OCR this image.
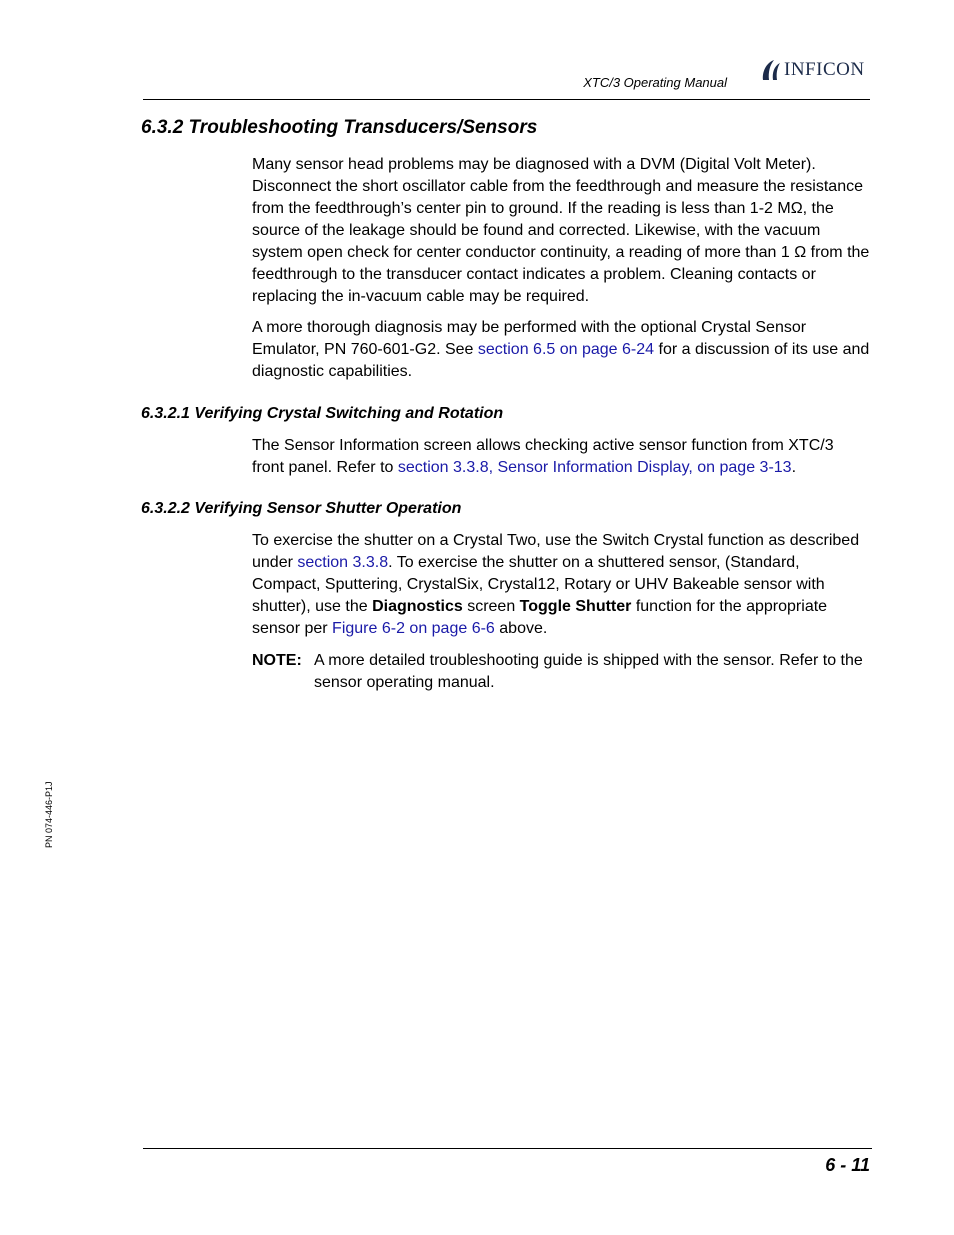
XTC/3 Operating Manual
INFICON
6.3.2 Troubleshooting Transducers/Sensors

Many sensor head problems may be diagnosed with a DVM (Digital Volt Meter). Disconnect the short oscillator cable from the feedthrough and measure the resistance from the feedthrough’s center pin to ground. If the reading is less than 1-2 MΩ, the source of the leakage should be found and corrected. Likewise, with the vacuum system open check for center conductor continuity, a reading of more than 1 Ω from the feedthrough to the transducer contact indicates a problem. Cleaning contacts or replacing the in-vacuum cable may be required.

A more thorough diagnosis may be performed with the optional Crystal Sensor Emulator, PN 760-601-G2. See section 6.5 on page 6-24 for a discussion of its use and diagnostic capabilities.

6.3.2.1 Verifying Crystal Switching and Rotation

The Sensor Information screen allows checking active sensor function from XTC/3 front panel. Refer to section 3.3.8, Sensor Information Display, on page 3-13.

6.3.2.2 Verifying Sensor Shutter Operation

To exercise the shutter on a Crystal Two, use the Switch Crystal function as described under section 3.3.8. To exercise the shutter on a shuttered sensor, (Standard, Compact, Sputtering, CrystalSix, Crystal12, Rotary or UHV Bakeable sensor with shutter), use the Diagnostics screen Toggle Shutter function for the appropriate sensor per Figure 6-2 on page 6-6 above.

NOTE: A more detailed troubleshooting guide is shipped with the sensor. Refer to the sensor operating manual.
PN 074-446-P1J
6 - 11
